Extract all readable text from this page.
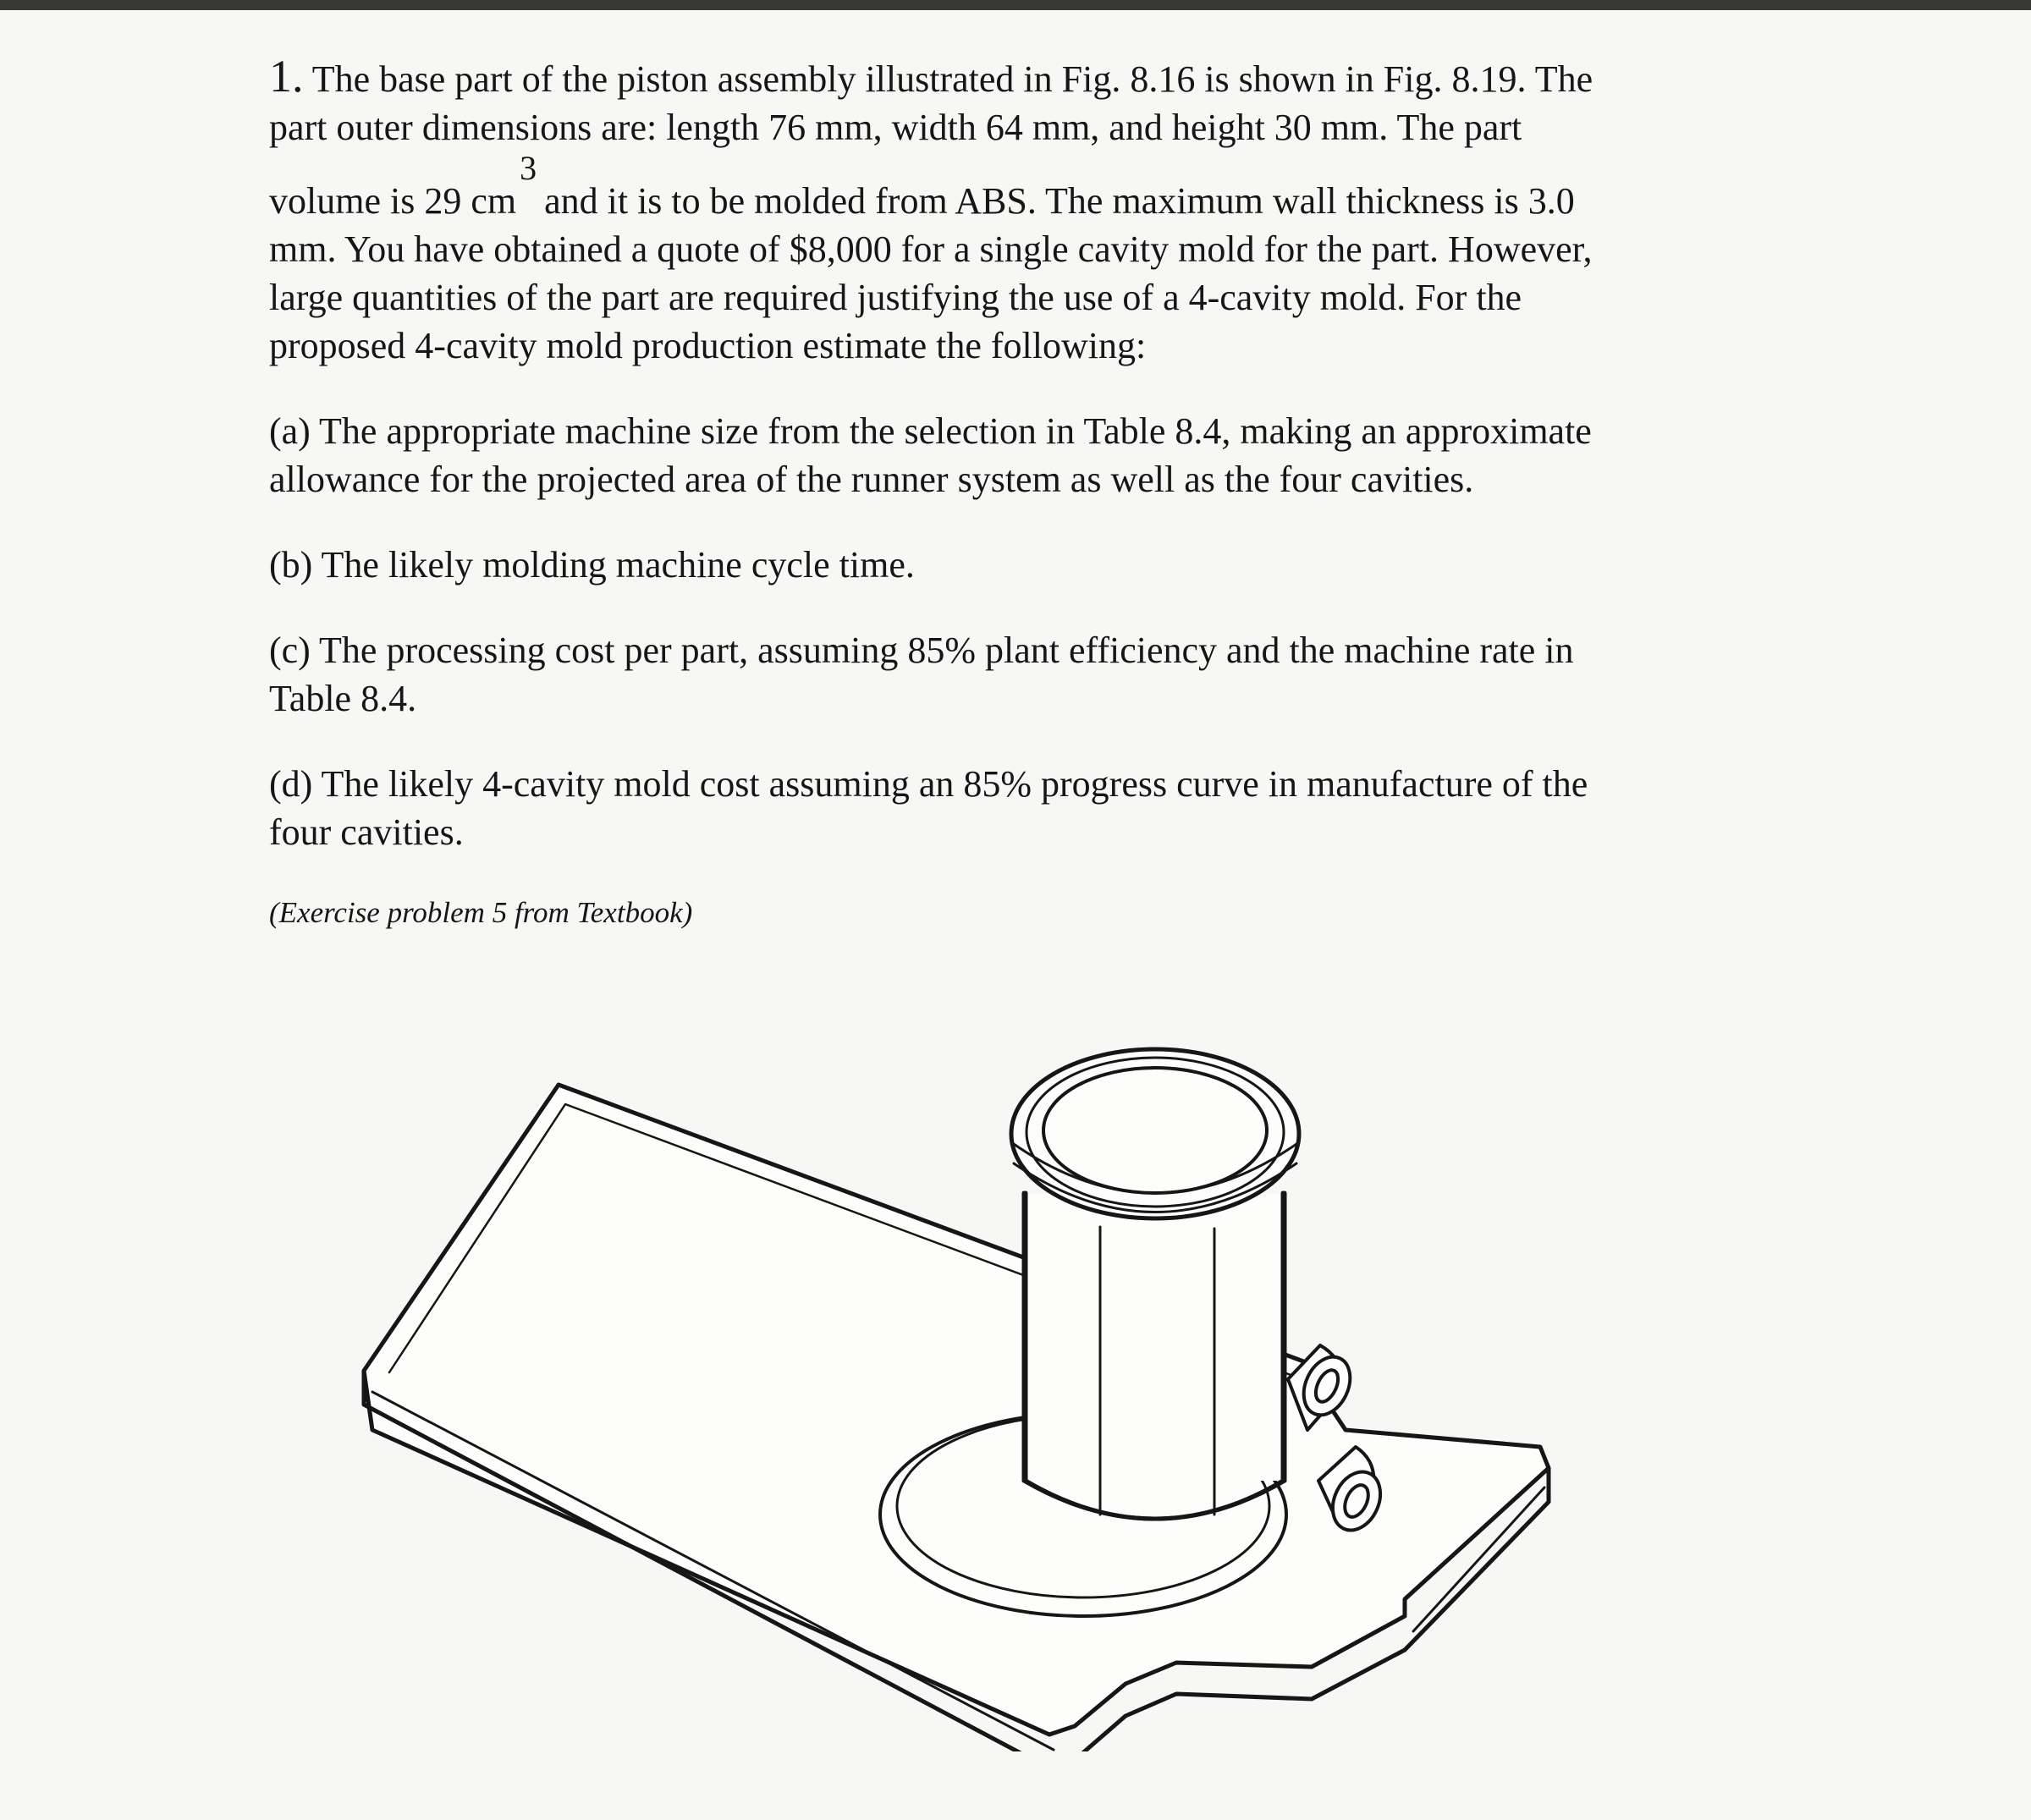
1. The base part of the piston assembly illustrated in Fig. 8.16 is shown in Fig. 8.19. The
part outer dimensions are: length 76 mm, width 64 mm, and height 30 mm. The part
volume is 29 cm3 and it is to be molded from ABS. The maximum wall thickness is 3.0
mm. You have obtained a quote of $8,000 for a single cavity mold for the part. However,
large quantities of the part are required justifying the use of a 4-cavity mold. For the
proposed 4-cavity mold production estimate the following:
(a) The appropriate machine size from the selection in Table 8.4, making an approximate
allowance for the projected area of the runner system as well as the four cavities.
(b) The likely molding machine cycle time.
(c) The processing cost per part, assuming 85% plant efficiency and the machine rate in
Table 8.4.
(d) The likely 4-cavity mold cost assuming an 85% progress curve in manufacture of the
four cavities.
(Exercise problem 5 from Textbook)
